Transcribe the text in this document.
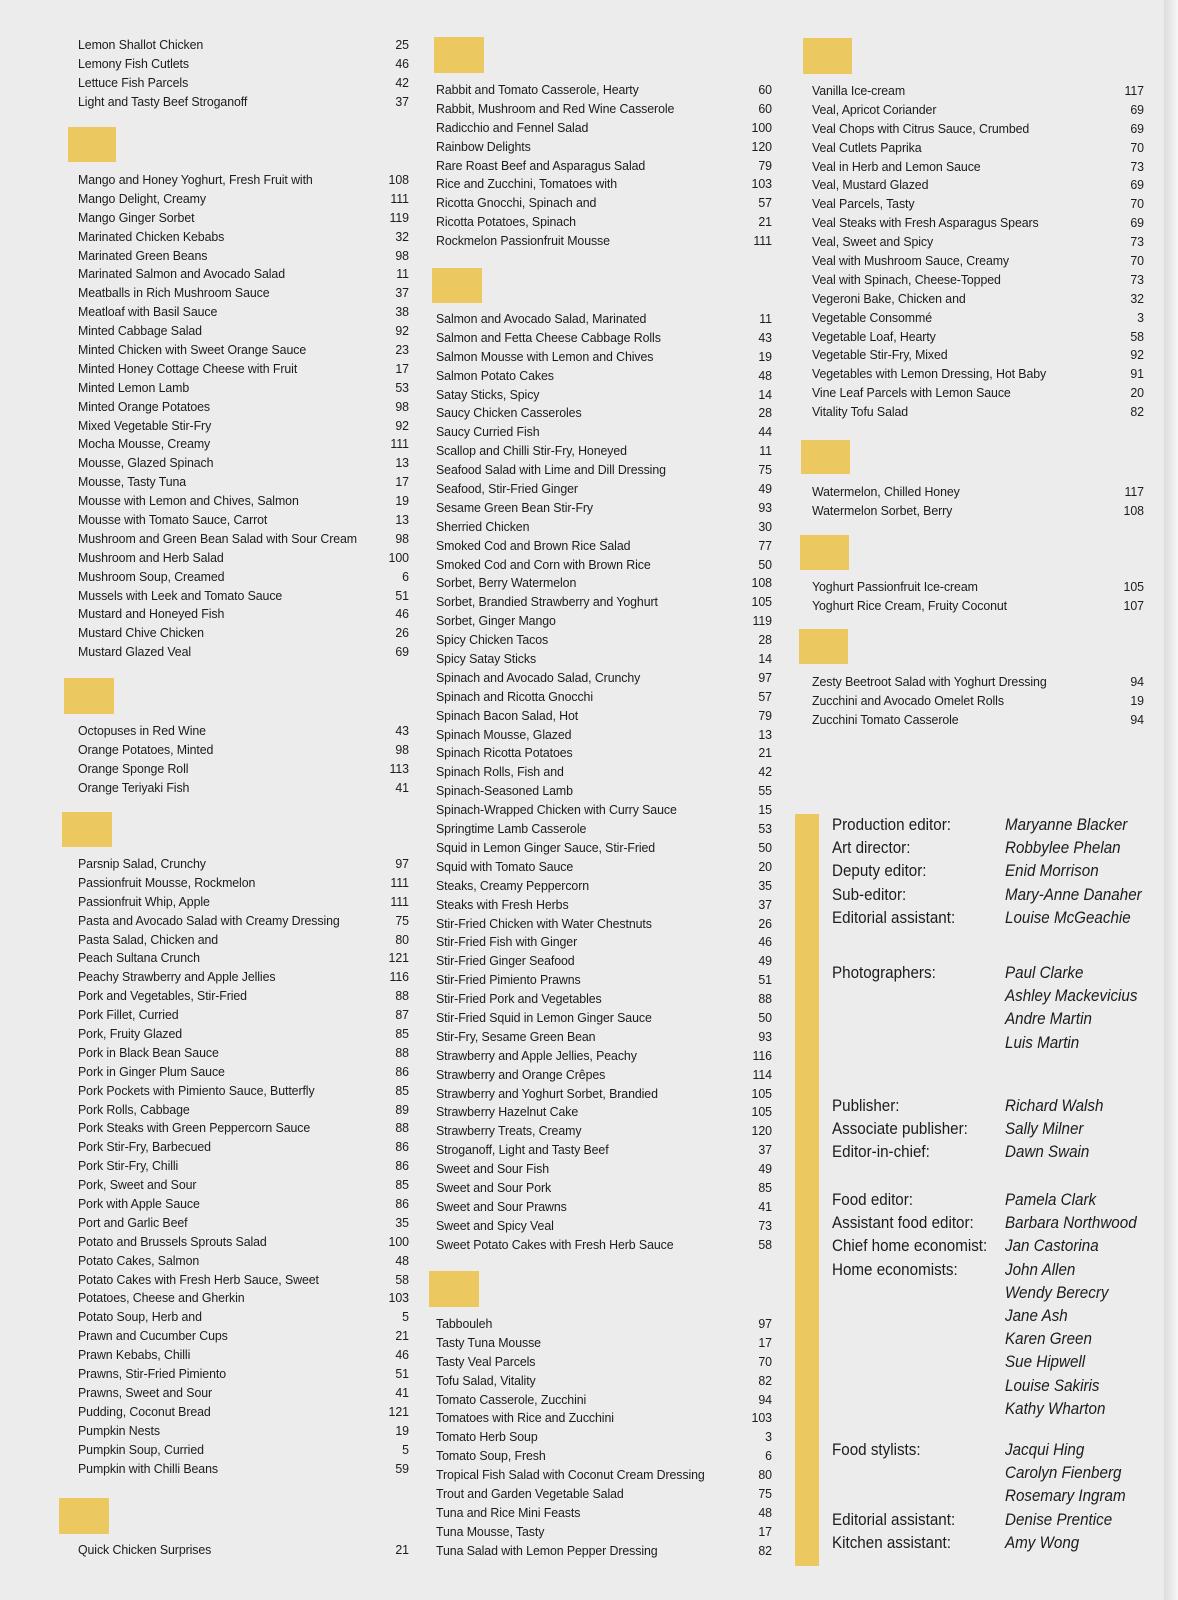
Lemon Shallot Chicken	25
Lemony Fish Cutlets	46
Lettuce Fish Parcels	42
Light and Tasty Beef Stroganoff	37
Mango and Honey Yoghurt, Fresh Fruit with	108
Mango Delight, Creamy	111
Mango Ginger Sorbet	119
Marinated Chicken Kebabs	32
Marinated Green Beans	98
Marinated Salmon and Avocado Salad	11
Meatballs in Rich Mushroom Sauce	37
Meatloaf with Basil Sauce	38
Minted Cabbage Salad	92
Minted Chicken with Sweet Orange Sauce	23
Minted Honey Cottage Cheese with Fruit	17
Minted Lemon Lamb	53
Minted Orange Potatoes	98
Mixed Vegetable Stir-Fry	92
Mocha Mousse, Creamy	111
Mousse, Glazed Spinach	13
Mousse, Tasty Tuna	17
Mousse with Lemon and Chives, Salmon	19
Mousse with Tomato Sauce, Carrot	13
Mushroom and Green Bean Salad with Sour Cream	98
Mushroom and Herb Salad	100
Mushroom Soup, Creamed	6
Mussels with Leek and Tomato Sauce	51
Mustard and Honeyed Fish	46
Mustard Chive Chicken	26
Mustard Glazed Veal	69
Octopuses in Red Wine	43
Orange Potatoes, Minted	98
Orange Sponge Roll	113
Orange Teriyaki Fish	41
Parsnip Salad, Crunchy	97
Passionfruit Mousse, Rockmelon	111
Passionfruit Whip, Apple	111
Pasta and Avocado Salad with Creamy Dressing	75
Pasta Salad, Chicken and	80
Peach Sultana Crunch	121
Peachy Strawberry and Apple Jellies	116
Pork and Vegetables, Stir-Fried	88
Pork Fillet, Curried	87
Pork, Fruity Glazed	85
Pork in Black Bean Sauce	88
Pork in Ginger Plum Sauce	86
Pork Pockets with Pimiento Sauce, Butterfly	85
Pork Rolls, Cabbage	89
Pork Steaks with Green Peppercorn Sauce	88
Pork Stir-Fry, Barbecued	86
Pork Stir-Fry, Chilli	86
Pork, Sweet and Sour	85
Pork with Apple Sauce	86
Port and Garlic Beef	35
Potato and Brussels Sprouts Salad	100
Potato Cakes, Salmon	48
Potato Cakes with Fresh Herb Sauce, Sweet	58
Potatoes, Cheese and Gherkin	103
Potato Soup, Herb and	5
Prawn and Cucumber Cups	21
Prawn Kebabs, Chilli	46
Prawns, Stir-Fried Pimiento	51
Prawns, Sweet and Sour	41
Pudding, Coconut Bread	121
Pumpkin Nests	19
Pumpkin Soup, Curried	5
Pumpkin with Chilli Beans	59
Quick Chicken Surprises	21
Rabbit and Tomato Casserole, Hearty	60
Rabbit, Mushroom and Red Wine Casserole	60
Radicchio and Fennel Salad	100
Rainbow Delights	120
Rare Roast Beef and Asparagus Salad	79
Rice and Zucchini, Tomatoes with	103
Ricotta Gnocchi, Spinach and	57
Ricotta Potatoes, Spinach	21
Rockmelon Passionfruit Mousse	111
Salmon and Avocado Salad, Marinated	11
Salmon and Fetta Cheese Cabbage Rolls	43
Salmon Mousse with Lemon and Chives	19
Salmon Potato Cakes	48
Satay Sticks, Spicy	14
Saucy Chicken Casseroles	28
Saucy Curried Fish	44
Scallop and Chilli Stir-Fry, Honeyed	11
Seafood Salad with Lime and Dill Dressing	75
Seafood, Stir-Fried Ginger	49
Sesame Green Bean Stir-Fry	93
Sherried Chicken	30
Smoked Cod and Brown Rice Salad	77
Smoked Cod and Corn with Brown Rice	50
Sorbet, Berry Watermelon	108
Sorbet, Brandied Strawberry and Yoghurt	105
Sorbet, Ginger Mango	119
Spicy Chicken Tacos	28
Spicy Satay Sticks	14
Spinach and Avocado Salad, Crunchy	97
Spinach and Ricotta Gnocchi	57
Spinach Bacon Salad, Hot	79
Spinach Mousse, Glazed	13
Spinach Ricotta Potatoes	21
Spinach Rolls, Fish and	42
Spinach-Seasoned Lamb	55
Spinach-Wrapped Chicken with Curry Sauce	15
Springtime Lamb Casserole	53
Squid in Lemon Ginger Sauce, Stir-Fried	50
Squid with Tomato Sauce	20
Steaks, Creamy Peppercorn	35
Steaks with Fresh Herbs	37
Stir-Fried Chicken with Water Chestnuts	26
Stir-Fried Fish with Ginger	46
Stir-Fried Ginger Seafood	49
Stir-Fried Pimiento Prawns	51
Stir-Fried Pork and Vegetables	88
Stir-Fried Squid in Lemon Ginger Sauce	50
Stir-Fry, Sesame Green Bean	93
Strawberry and Apple Jellies, Peachy	116
Strawberry and Orange Crêpes	114
Strawberry and Yoghurt Sorbet, Brandied	105
Strawberry Hazelnut Cake	105
Strawberry Treats, Creamy	120
Stroganoff, Light and Tasty Beef	37
Sweet and Sour Fish	49
Sweet and Sour Pork	85
Sweet and Sour Prawns	41
Sweet and Spicy Veal	73
Sweet Potato Cakes with Fresh Herb Sauce	58
Tabbouleh	97
Tasty Tuna Mousse	17
Tasty Veal Parcels	70
Tofu Salad, Vitality	82
Tomato Casserole, Zucchini	94
Tomatoes with Rice and Zucchini	103
Tomato Herb Soup	3
Tomato Soup, Fresh	6
Tropical Fish Salad with Coconut Cream Dressing	80
Trout and Garden Vegetable Salad	75
Tuna and Rice Mini Feasts	48
Tuna Mousse, Tasty	17
Tuna Salad with Lemon Pepper Dressing	82
Vanilla Ice-cream	117
Veal, Apricot Coriander	69
Veal Chops with Citrus Sauce, Crumbed	69
Veal Cutlets Paprika	70
Veal in Herb and Lemon Sauce	73
Veal, Mustard Glazed	69
Veal Parcels, Tasty	70
Veal Steaks with Fresh Asparagus Spears	69
Veal, Sweet and Spicy	73
Veal with Mushroom Sauce, Creamy	70
Veal with Spinach, Cheese-Topped	73
Vegeroni Bake, Chicken and	32
Vegetable Consommé	3
Vegetable Loaf, Hearty	58
Vegetable Stir-Fry, Mixed	92
Vegetables with Lemon Dressing, Hot Baby	91
Vine Leaf Parcels with Lemon Sauce	20
Vitality Tofu Salad	82
Watermelon, Chilled Honey	117
Watermelon Sorbet, Berry	108
Yoghurt Passionfruit Ice-cream	105
Yoghurt Rice Cream, Fruity Coconut	107
Zesty Beetroot Salad with Yoghurt Dressing	94
Zucchini and Avocado Omelet Rolls	19
Zucchini Tomato Casserole	94
Production editor:	Maryanne Blacker
Art director:	Robbylee Phelan
Deputy editor:	Enid Morrison
Sub-editor:	Mary-Anne Danaher
Editorial assistant:	Louise McGeachie
Photographers:	Paul Clarke
Ashley Mackevicius
Andre Martin
Luis Martin
Publisher:	Richard Walsh
Associate publisher:	Sally Milner
Editor-in-chief:	Dawn Swain
Food editor:	Pamela Clark
Assistant food editor:	Barbara Northwood
Chief home economist: Jan Castorina
Home economists:	John Allen
Wendy Berecry
Jane Ash
Karen Green
Sue Hipwell
Louise Sakiris
Kathy Wharton
Food stylists:	Jacqui Hing
Carolyn Fienberg
Rosemary Ingram
Editorial assistant:	Denise Prentice
Kitchen assistant:	Amy Wong
